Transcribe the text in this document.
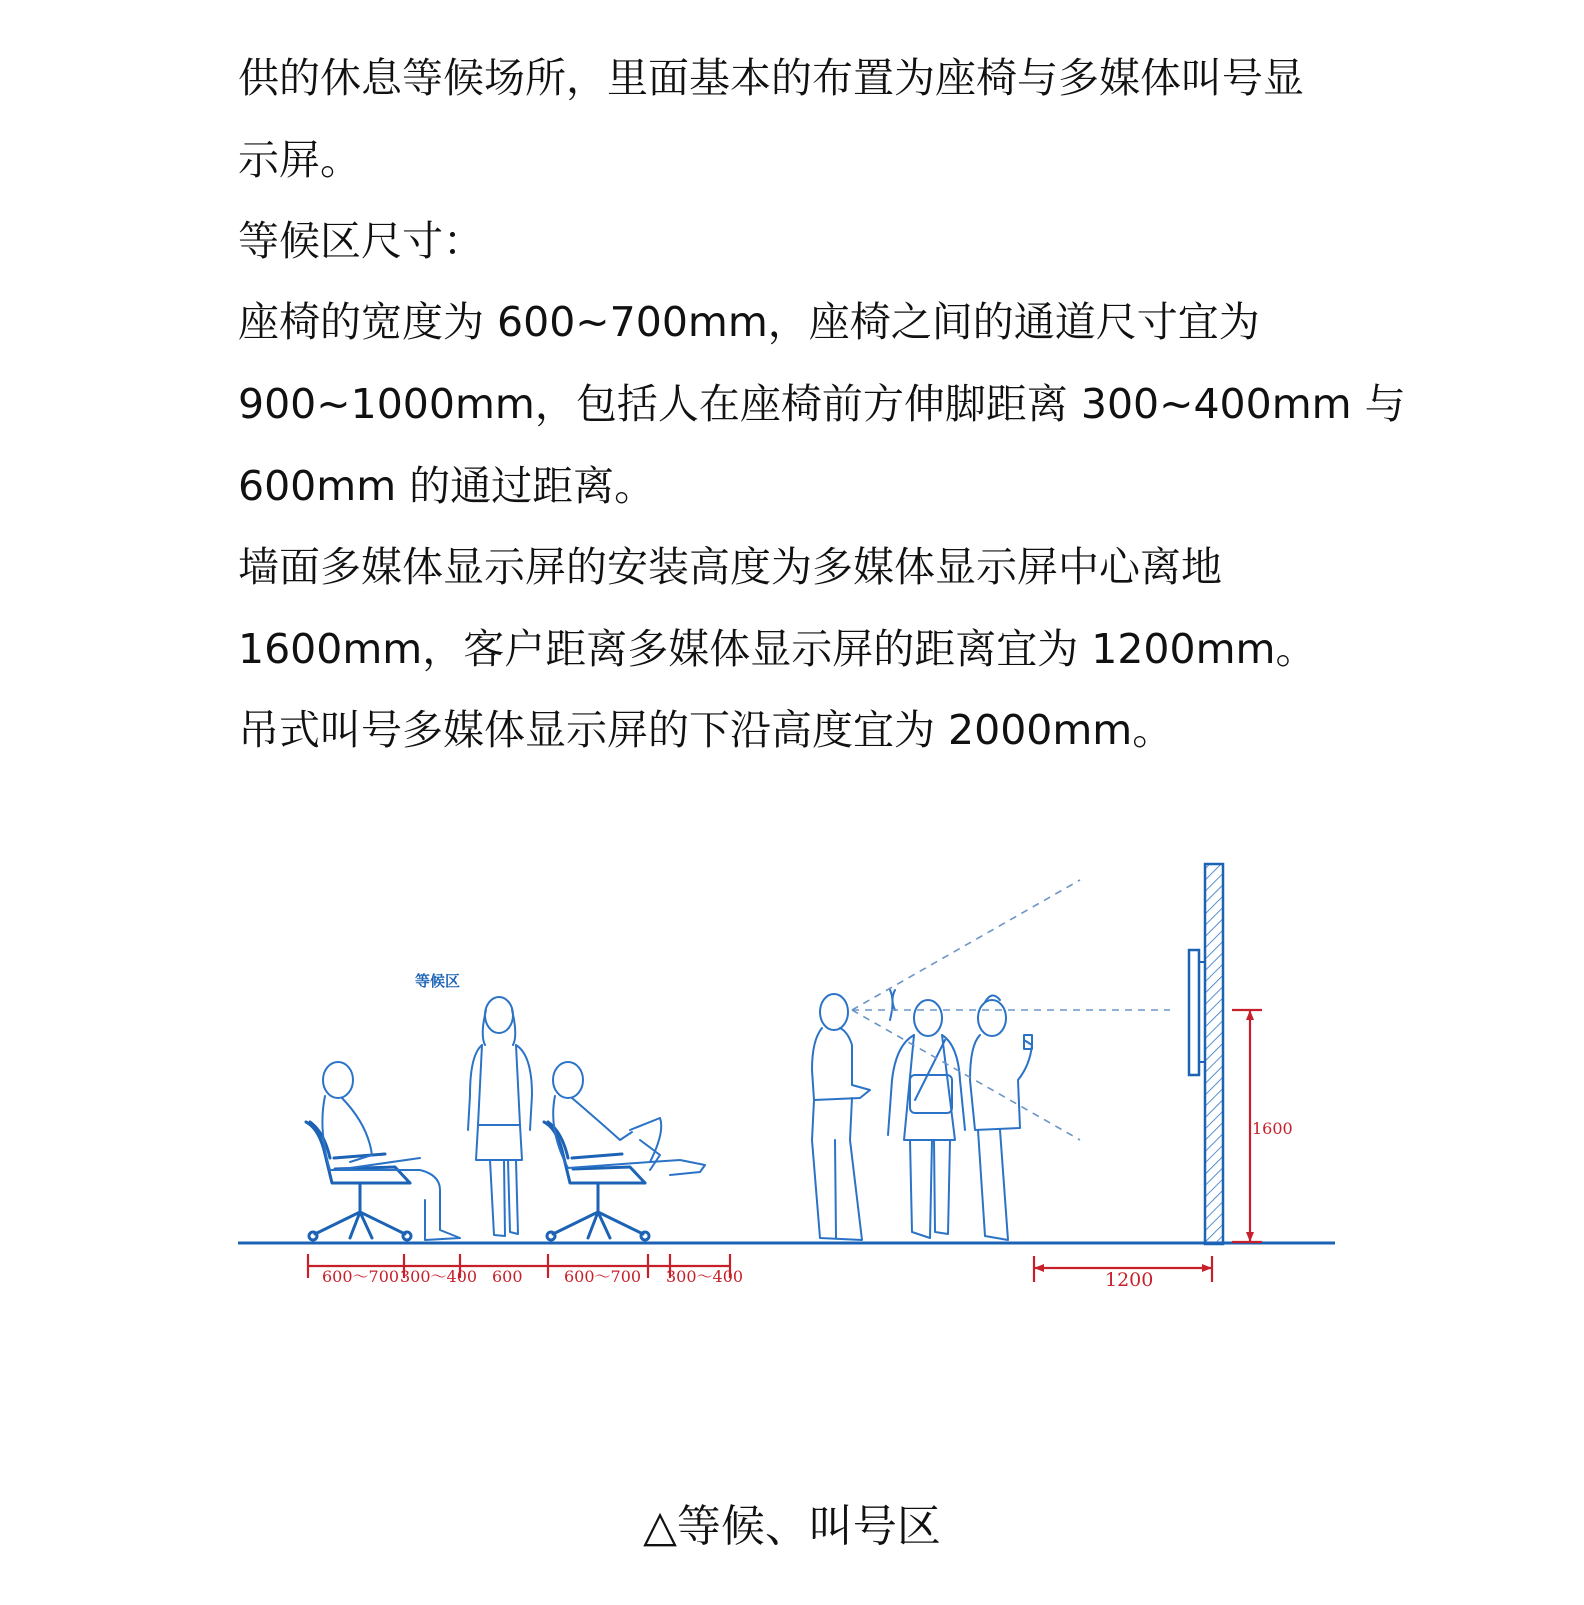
供的休息等候场所，里面基本的布置为座椅与多媒体叫号显

示屏。

等候区尺寸：

座椅的宽度为 600~700mm，座椅之间的通道尺寸宜为

900~1000mm，包括人在座椅前方伸脚距离 300~400mm 与

600mm 的通过距离。

墙面多媒体显示屏的安装高度为多媒体显示屏中心离地

1600mm，客户距离多媒体显示屏的距离宜为 1200mm。

吊式叫号多媒体显示屏的下沿高度宜为 2000mm。

等候区
1600
600～700 300～400 600	600～700 300～400	1200
△等候、叫号区
